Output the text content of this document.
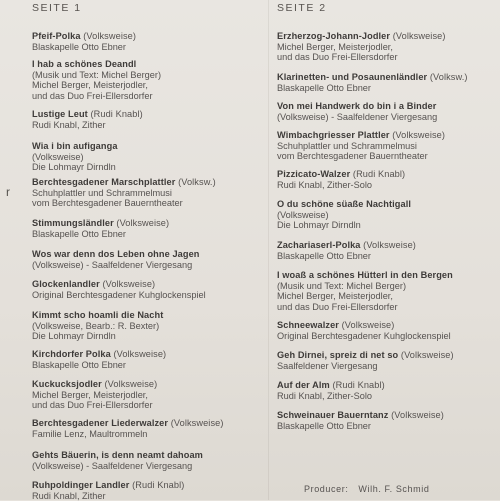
r
SEITE 1
Pfeif-Polka (Volksweise)
Blaskapelle Otto Ebner
I hab a schönes Deandl
(Musik und Text: Michel Berger)
Michel Berger, Meisterjodler,
und das Duo Frei-Ellersdorfer
Lustige Leut (Rudi Knabl)
Rudi Knabl, Zither
Wia i bin aufiganga
(Volksweise)
Die Lohmayr Dirndln
Berchtesgadener Marschplattler (Volksw.)
Schuhplattler und Schrammelmusi
vom Berchtesgadener Bauerntheater
Stimmungsländler (Volksweise)
Blaskapelle Otto Ebner
Wos war denn dos Leben ohne Jagen
(Volksweise) - Saalfeldener Viergesang
Glockenlandler (Volksweise)
Original Berchtesgadener Kuhglockenspiel
Kimmt scho hoamli die Nacht
(Volksweise, Bearb.: R. Bexter)
Die Lohmayr Dirndln
Kirchdorfer Polka (Volksweise)
Blaskapelle Otto Ebner
Kuckucksjodler (Volksweise)
Michel Berger, Meisterjodler,
und das Duo Frei-Ellersdorfer
Berchtesgadener Liederwalzer (Volksweise)
Familie Lenz, Maultrommeln
Gehts Bäuerin, is denn neamt dahoam
(Volksweise) - Saalfeldener Viergesang
Ruhpoldinger Landler (Rudi Knabl)
Rudi Knabl, Zither
SEITE 2
Erzherzog-Johann-Jodler (Volksweise)
Michel Berger, Meisterjodler,
und das Duo Frei-Ellersdorfer
Klarinetten- und Posaunenländler (Volksw.)
Blaskapelle Otto Ebner
Von mei Handwerk do bin i a Binder
(Volksweise) - Saalfeldener Viergesang
Wimbachgriesser Plattler (Volksweise)
Schuhplattler und Schrammelmusi
vom Berchtesgadener Bauerntheater
Pizzicato-Walzer (Rudi Knabl)
Rudi Knabl, Zither-Solo
O du schöne süaße Nachtigall
(Volksweise)
Die Lohmayr Dirndln
Zachariaserl-Polka (Volksweise)
Blaskapelle Otto Ebner
I woaß a schönes Hütterl in den Bergen
(Musik und Text: Michel Berger)
Michel Berger, Meisterjodler,
und das Duo Frei-Ellersdorfer
Schneewalzer (Volksweise)
Original Berchtesgadener Kuhglockenspiel
Geh Dirnei, spreiz di net so (Volksweise)
Saalfeldener Viergesang
Auf der Alm (Rudi Knabl)
Rudi Knabl, Zither-Solo
Schweinauer Bauerntanz (Volksweise)
Blaskapelle Otto Ebner
Producer: Wilh. F. Schmid
